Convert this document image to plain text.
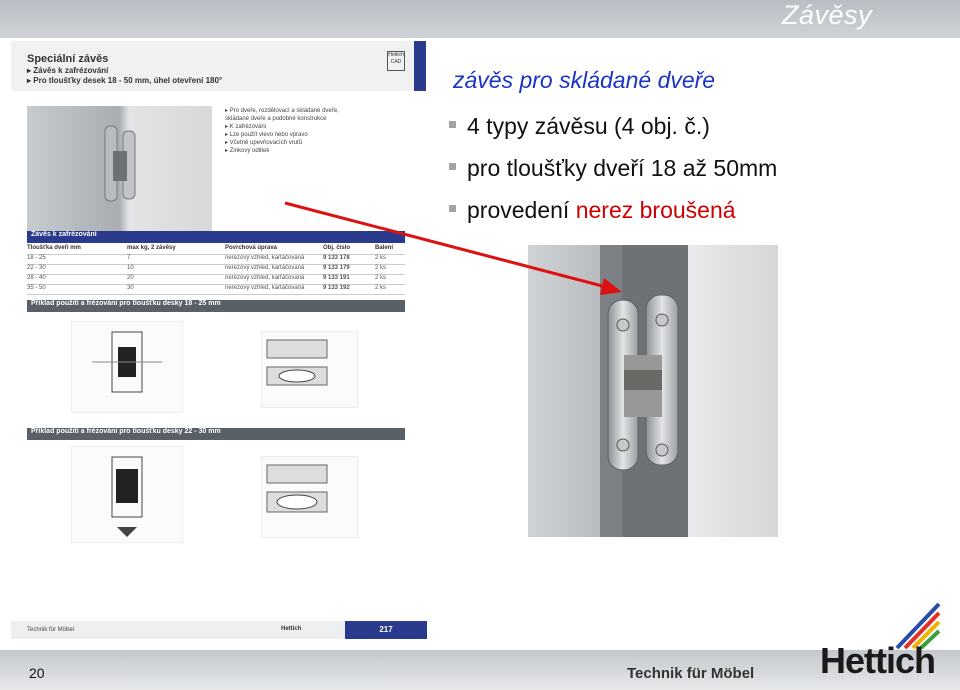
Závěsy
Speciální závěs
▸ Závěs k zafrézování
▸ Pro tloušťky desek 18 - 50 mm, úhel otevření 180°
Hettich CAD
▸ Pro dveře, rozdělovací a skládané dveře,
skládané dveře a podobné konstrukce
▸ K zafrézování
▸ Lze použít vlevo nebo vpravo
▸ Včetně upevňovacích vrutů
▸ Zinkový odlitek
Závěs k zafrézování
Tloušťka dveří mm	max kg, 2 závěsy	Povrchová úprava	Obj. číslo	Balení
18 - 25	7	nerezový vzhled, kartáčovaná	9 133 178	2 ks
22 - 30	10	nerezový vzhled, kartáčovaná	9 133 179	2 ks
28 - 40	20	nerezový vzhled, kartáčovaná	9 133 191	2 ks
35 - 50	30	nerezový vzhled, kartáčovaná	9 133 192	2 ks
Příklad použití a frézování pro tloušťku desky 18 - 25 mm
Příklad použití a frézování pro tloušťku desky 22 - 30 mm
Technik für Möbel	Hettich	217
závěs pro skládané dveře
4 typy závěsu (4 obj. č.)
pro tloušťky dveří 18 až 50mm
provedení nerez broušená
20	Technik für Möbel Hettich
